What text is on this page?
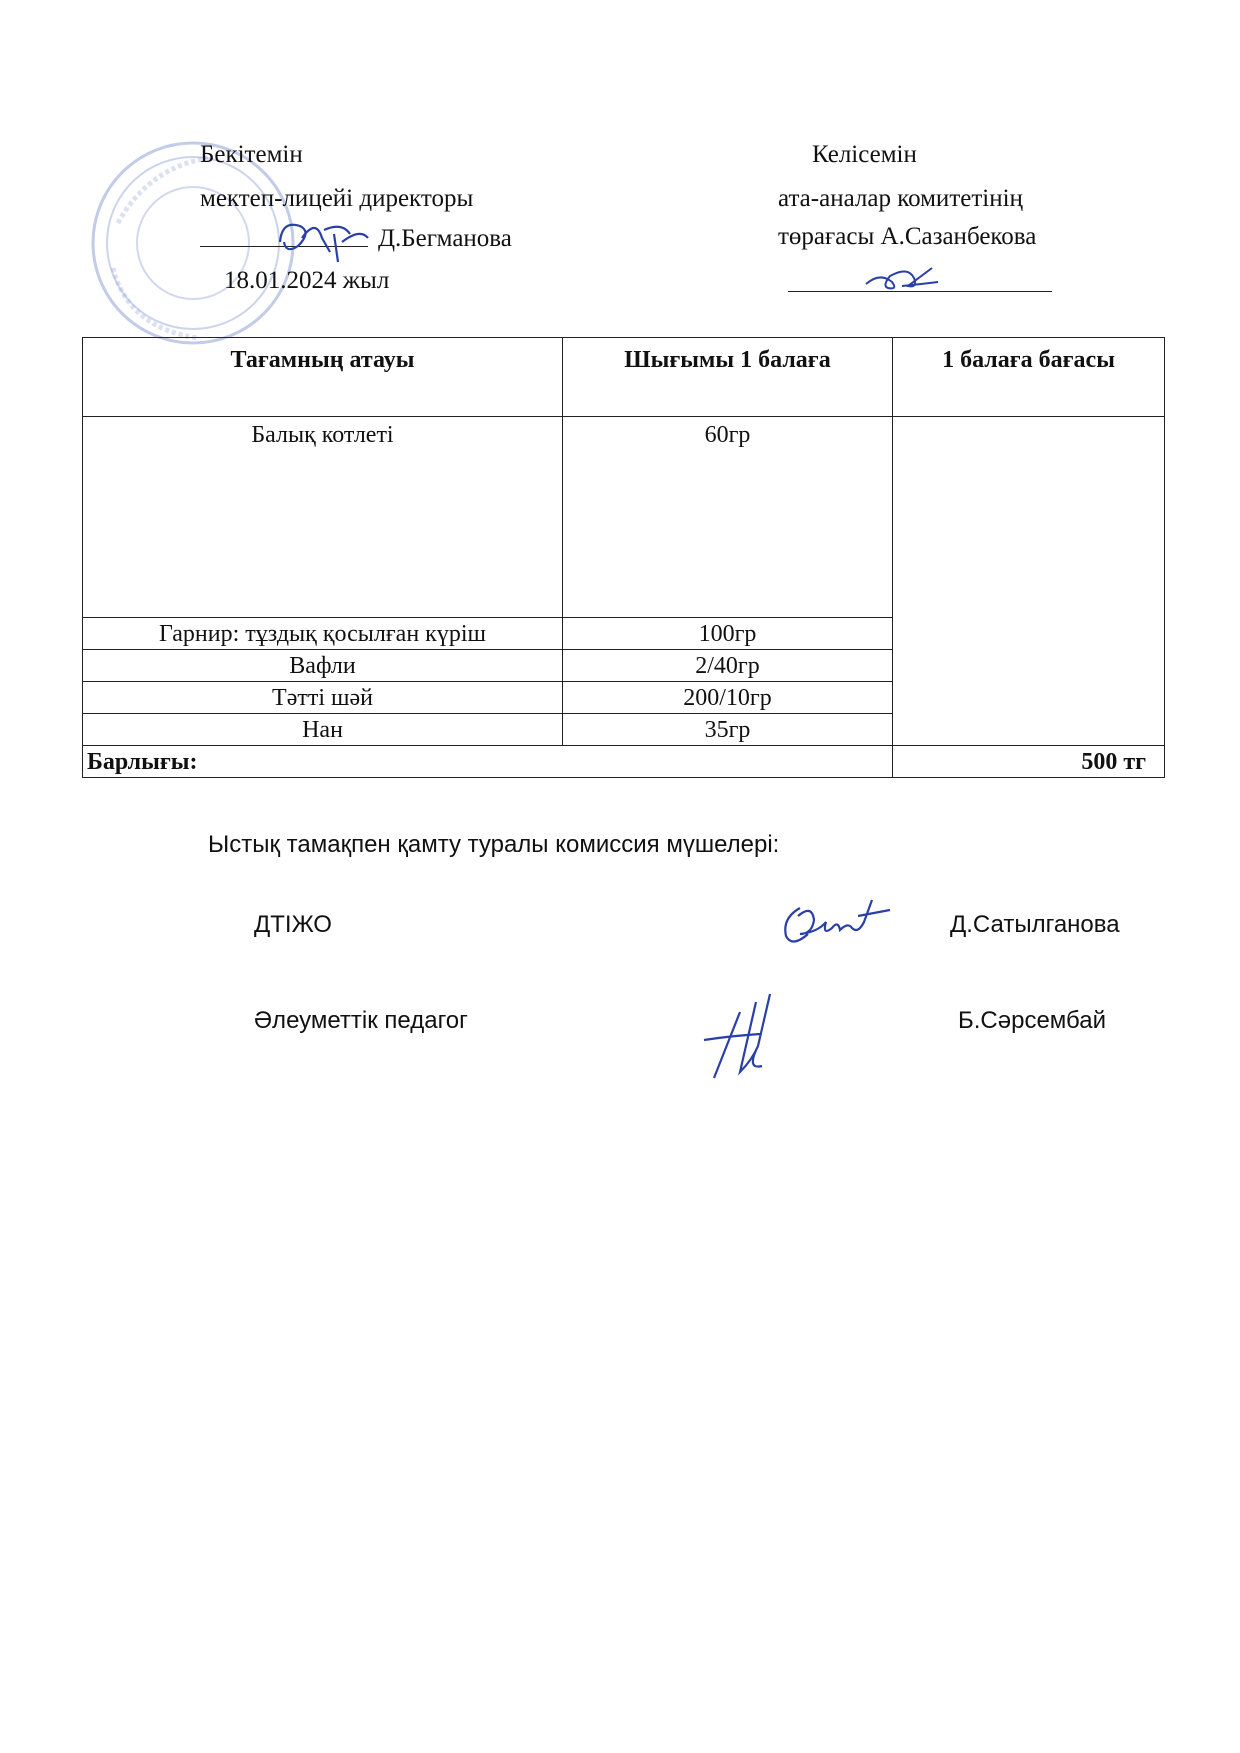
Бекітемін
мектеп-лицейі директоры
Д.Бегманова
18.01.2024 жыл
Келісемін
ата-аналар комитетінің
төрағасы А.Сазанбекова
Тағамның атауы	Шығымы 1 балаға	1 балаға бағасы
Балық котлеті	60гр	
Гарнир: тұздық қосылған күріш	100гр	
Вафли	2/40гр	
Тәтті шәй	200/10гр	
Нан	35гр	
Барлығы:		500 тг
Ыстық тамақпен қамту туралы комиссия мүшелері:
ДТІЖО	Д.Сатылганова
Әлеуметтік педагог	Б.Сәрсембай
